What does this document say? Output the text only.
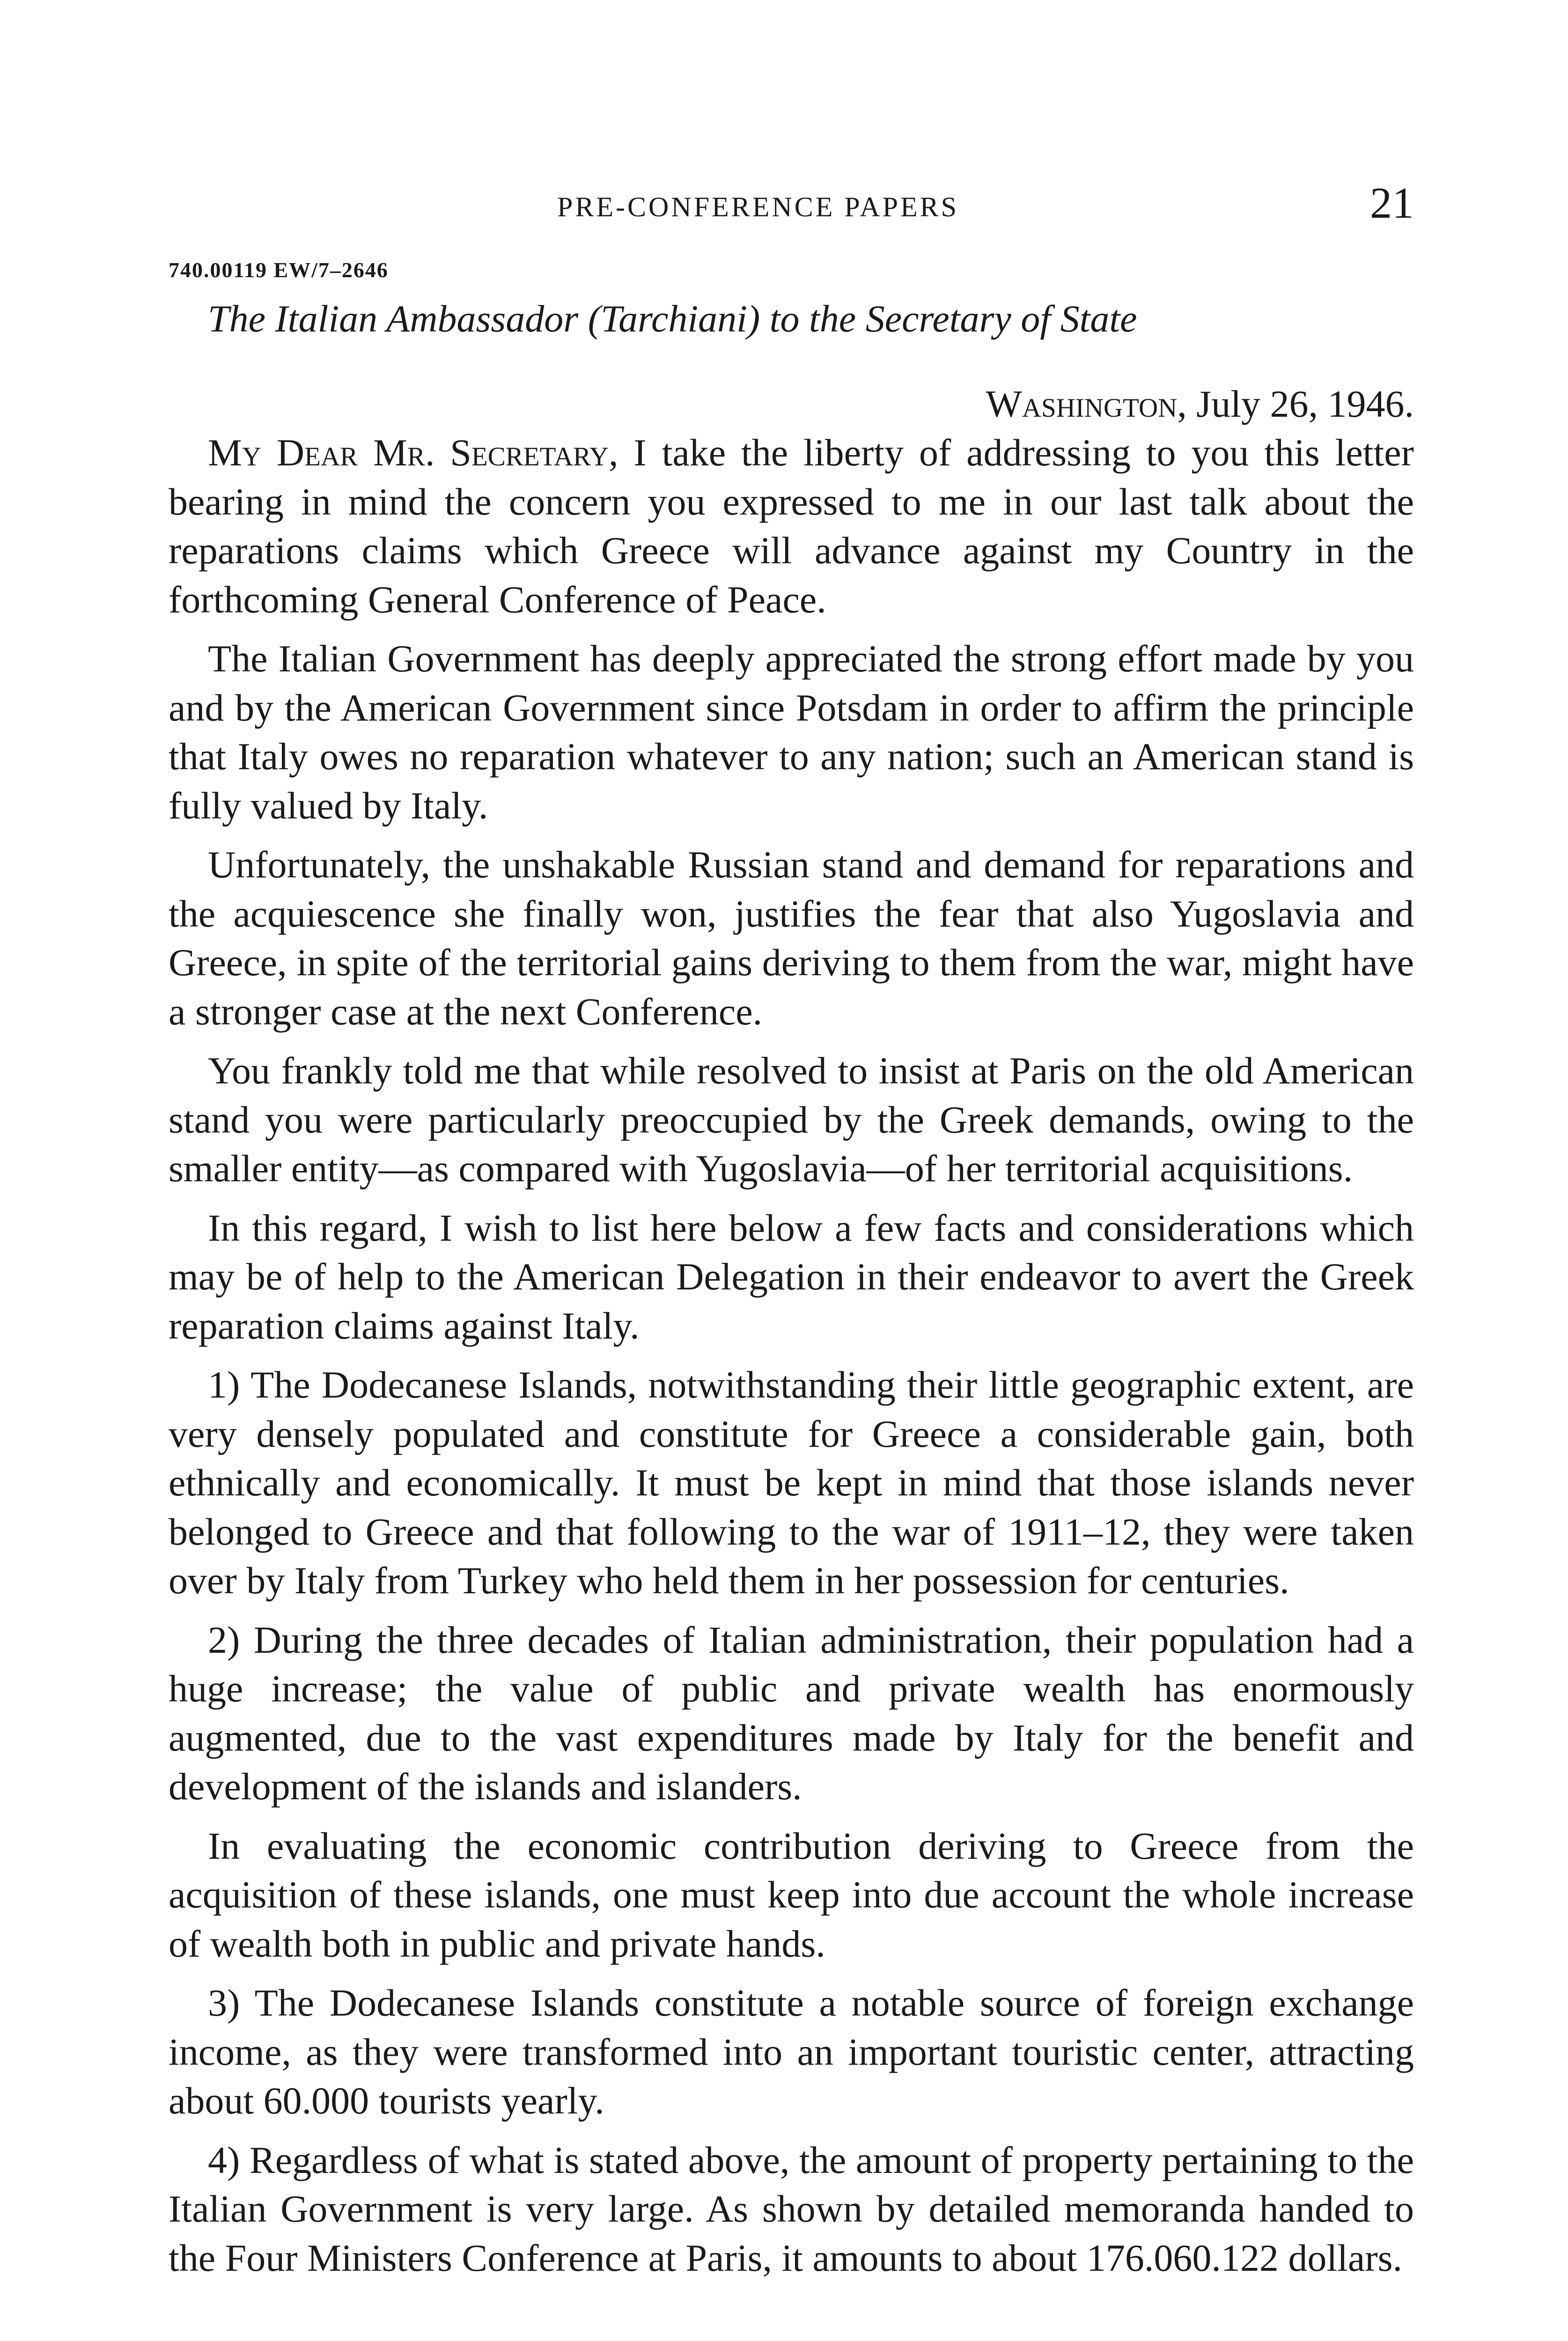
PRE-CONFERENCE PAPERS	21
740.00119 EW/7–2646
The Italian Ambassador (Tarchiani) to the Secretary of State
Washington, July 26, 1946.

My Dear Mr. Secretary, I take the liberty of addressing to you this letter bearing in mind the concern you expressed to me in our last talk about the reparations claims which Greece will advance against my Country in the forthcoming General Conference of Peace.

The Italian Government has deeply appreciated the strong effort made by you and by the American Government since Potsdam in order to affirm the principle that Italy owes no reparation whatever to any nation; such an American stand is fully valued by Italy.

Unfortunately, the unshakable Russian stand and demand for reparations and the acquiescence she finally won, justifies the fear that also Yugoslavia and Greece, in spite of the territorial gains deriving to them from the war, might have a stronger case at the next Conference.

You frankly told me that while resolved to insist at Paris on the old American stand you were particularly preoccupied by the Greek demands, owing to the smaller entity—as compared with Yugoslavia—of her territorial acquisitions.

In this regard, I wish to list here below a few facts and considerations which may be of help to the American Delegation in their endeavor to avert the Greek reparation claims against Italy.

1) The Dodecanese Islands, notwithstanding their little geographic extent, are very densely populated and constitute for Greece a considerable gain, both ethnically and economically. It must be kept in mind that those islands never belonged to Greece and that following to the war of 1911–12, they were taken over by Italy from Turkey who held them in her possession for centuries.

2) During the three decades of Italian administration, their population had a huge increase; the value of public and private wealth has enormously augmented, due to the vast expenditures made by Italy for the benefit and development of the islands and islanders.

In evaluating the economic contribution deriving to Greece from the acquisition of these islands, one must keep into due account the whole increase of wealth both in public and private hands.

3) The Dodecanese Islands constitute a notable source of foreign exchange income, as they were transformed into an important touristic center, attracting about 60.000 tourists yearly.

4) Regardless of what is stated above, the amount of property pertaining to the Italian Government is very large. As shown by detailed memoranda handed to the Four Ministers Conference at Paris, it amounts to about 176.060.122 dollars.
